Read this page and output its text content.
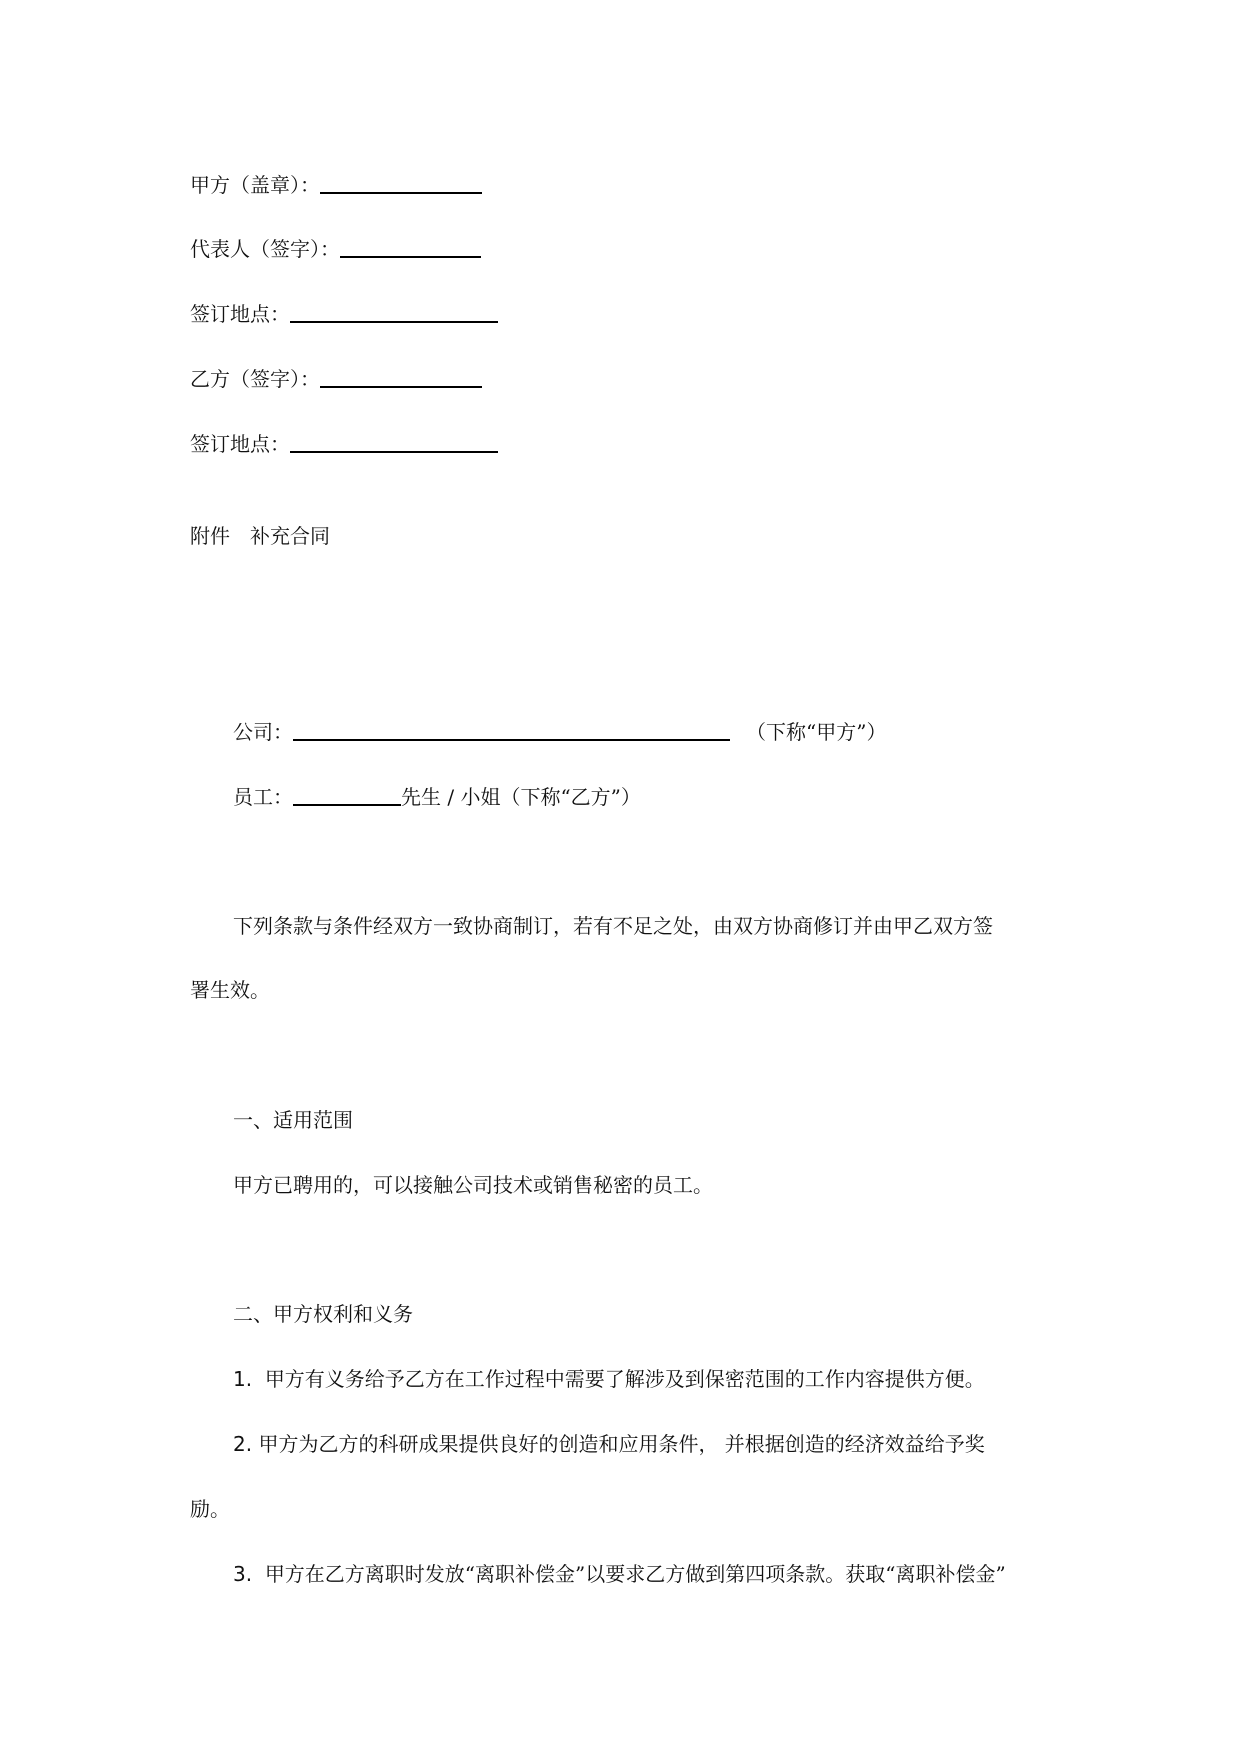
甲方（盖章）：
代表人（签字）：
签订地点：
乙方（签字）：
签订地点：
附件　补充合同
公司：	（下称“甲方”）
员工：	先生 / 小姐（下称“乙方”）
下列条款与条件经双方一致协商制订，若有不足之处，由双方协商修订并由甲乙双方签
署生效。
一、适用范围
甲方已聘用的，可以接触公司技术或销售秘密的员工。
二、甲方权利和义务
1. 甲方有义务给予乙方在工作过程中需要了解涉及到保密范围的工作内容提供方便。
2. 甲方为乙方的科研成果提供良好的创造和应用条件， 并根据创造的经济效益给予奖
励。
3. 甲方在乙方离职时发放“离职补偿金”以要求乙方做到第四项条款。获取“离职补偿金”
